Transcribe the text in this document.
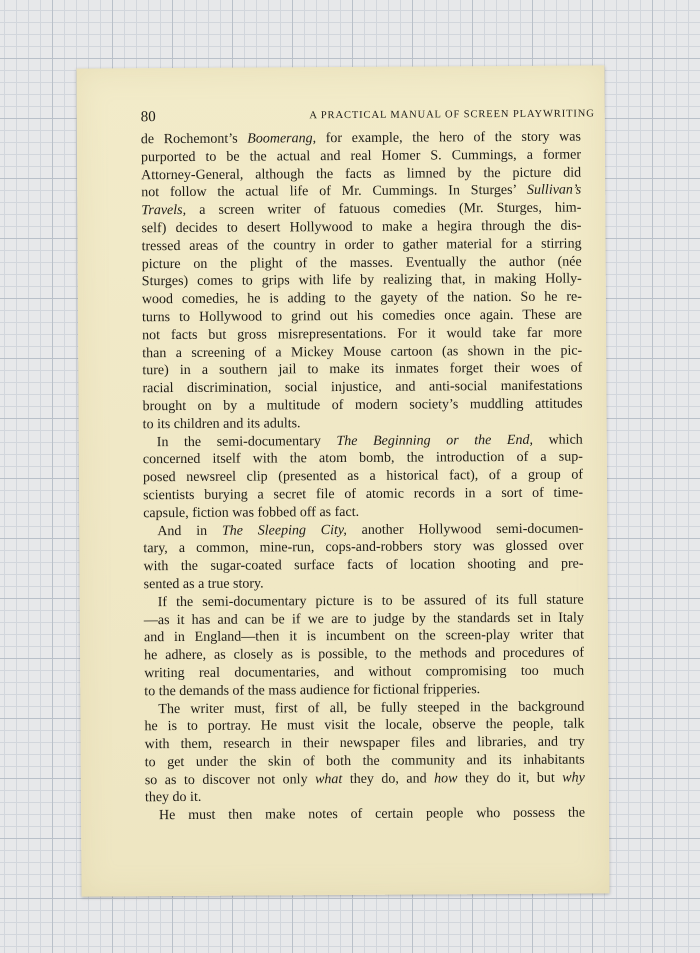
80	A PRACTICAL MANUAL OF SCREEN PLAYWRITING
de Rochemont’s Boomerang, for example, the hero of the story was
purported to be the actual and real Homer S. Cummings, a former
Attorney-General, although the facts as limned by the picture did
not follow the actual life of Mr. Cummings. In Sturges’ Sullivan’s
Travels, a screen writer of fatuous comedies (Mr. Sturges, him-
self) decides to desert Hollywood to make a hegira through the dis-
tressed areas of the country in order to gather material for a stirring
picture on the plight of the masses. Eventually the author (née
Sturges) comes to grips with life by realizing that, in making Holly-
wood comedies, he is adding to the gayety of the nation. So he re-
turns to Hollywood to grind out his comedies once again. These are
not facts but gross misrepresentations. For it would take far more
than a screening of a Mickey Mouse cartoon (as shown in the pic-
ture) in a southern jail to make its inmates forget their woes of
racial discrimination, social injustice, and anti-social manifestations
brought on by a multitude of modern society’s muddling attitudes
to its children and its adults.
In the semi-documentary The Beginning or the End, which
concerned itself with the atom bomb, the introduction of a sup-
posed newsreel clip (presented as a historical fact), of a group of
scientists burying a secret file of atomic records in a sort of time-
capsule, fiction was fobbed off as fact.
And in The Sleeping City, another Hollywood semi-documen-
tary, a common, mine-run, cops-and-robbers story was glossed over
with the sugar-coated surface facts of location shooting and pre-
sented as a true story.
If the semi-documentary picture is to be assured of its full stature
—as it has and can be if we are to judge by the standards set in Italy
and in England—then it is incumbent on the screen-play writer that
he adhere, as closely as is possible, to the methods and procedures of
writing real documentaries, and without compromising too much
to the demands of the mass audience for fictional fripperies.
The writer must, first of all, be fully steeped in the background
he is to portray. He must visit the locale, observe the people, talk
with them, research in their newspaper files and libraries, and try
to get under the skin of both the community and its inhabitants
so as to discover not only what they do, and how they do it, but why
they do it.
He must then make notes of certain people who possess the
